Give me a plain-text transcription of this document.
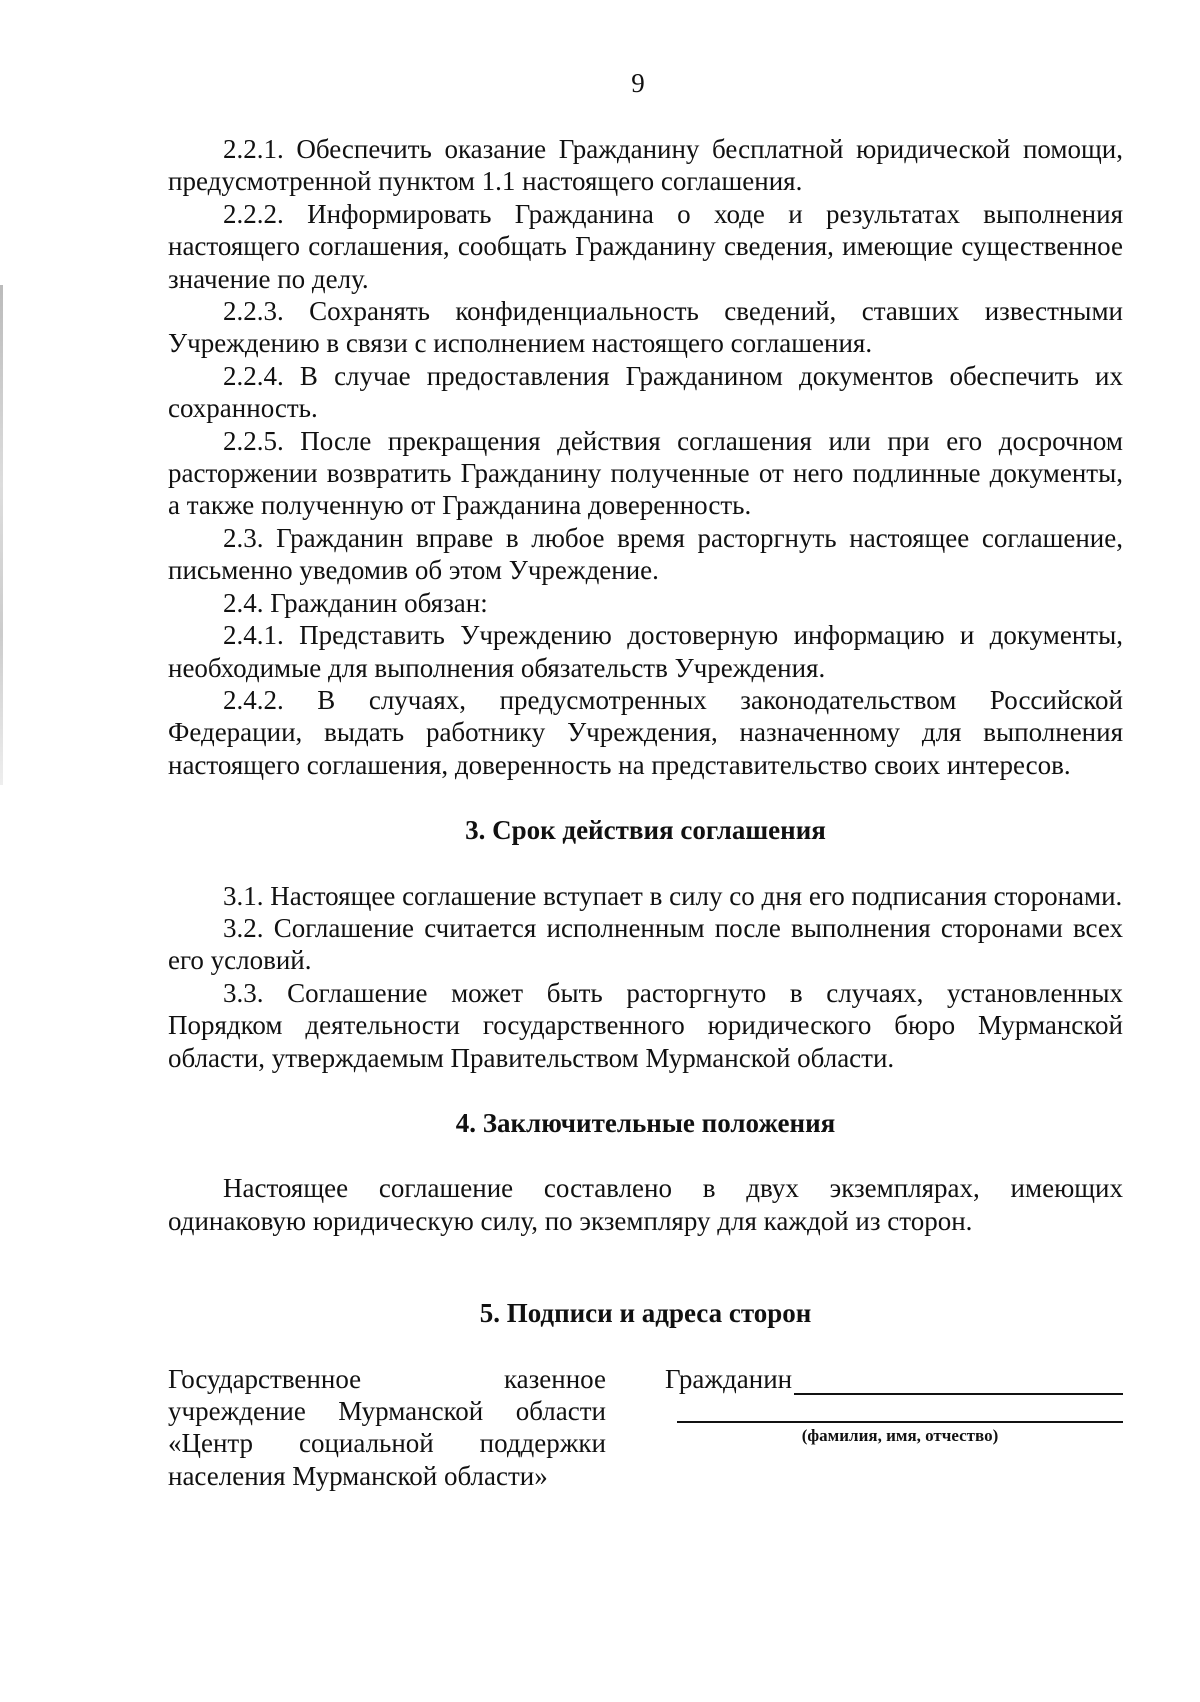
9

2.2.1. Обеспечить оказание Гражданину бесплатной юридической помощи, предусмотренной пунктом 1.1 настоящего соглашения.

2.2.2. Информировать Гражданина о ходе и результатах выполнения настоящего соглашения, сообщать Гражданину сведения, имеющие существенное значение по делу.

2.2.3. Сохранять конфиденциальность сведений, ставших известными Учреждению в связи с исполнением настоящего соглашения.

2.2.4. В случае предоставления Гражданином документов обеспечить их сохранность.

2.2.5. После прекращения действия соглашения или при его досрочном расторжении возвратить Гражданину полученные от него подлинные документы, а также полученную от Гражданина доверенность.

2.3. Гражданин вправе в любое время расторгнуть настоящее соглашение, письменно уведомив об этом Учреждение.

2.4. Гражданин обязан:

2.4.1. Представить Учреждению достоверную информацию и документы, необходимые для выполнения обязательств Учреждения.

2.4.2. В случаях, предусмотренных законодательством Российской Федерации, выдать работнику Учреждения, назначенному для выполнения настоящего соглашения, доверенность на представительство своих интересов.

3. Срок действия соглашения

3.1. Настоящее соглашение вступает в силу со дня его подписания сторонами.

3.2. Соглашение считается исполненным после выполнения сторонами всех его условий.

3.3. Соглашение может быть расторгнуто в случаях, установленных Порядком деятельности государственного юридического бюро Мурманской области, утверждаемым Правительством Мурманской области.

4. Заключительные положения

Настоящее соглашение составлено в двух экземплярах, имеющих одинаковую юридическую силу, по экземпляру для каждой из сторон.

5. Подписи и адреса сторон
Государственное казенное
учреждение Мурманской области
«Центр социальной поддержки
населения Мурманской области»
Гражданин
(фамилия, имя, отчество)
